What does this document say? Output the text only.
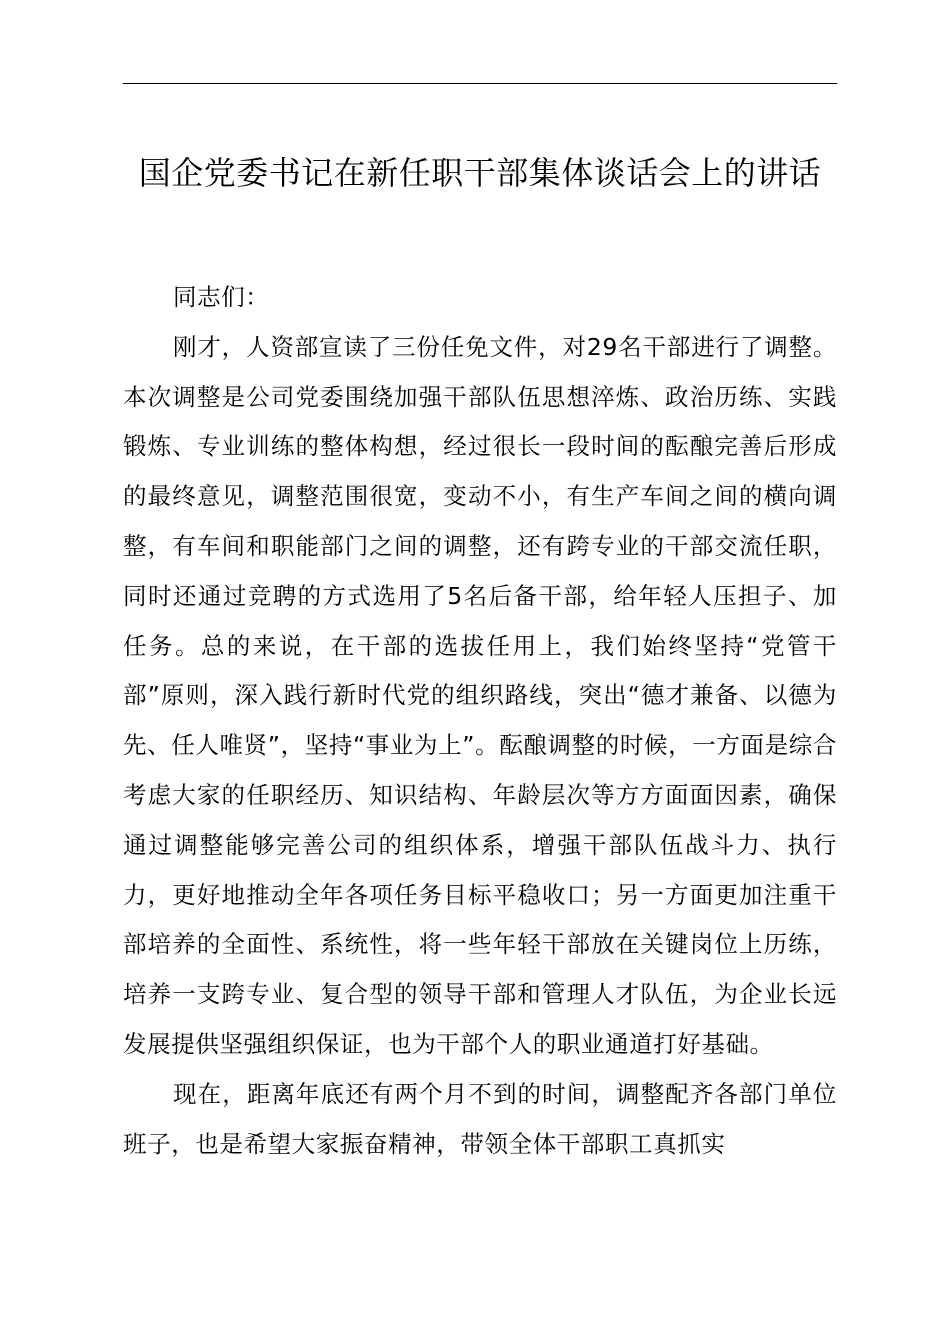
国企党委书记在新任职干部集体谈话会上的讲话

同志们：

刚才，人资部宣读了三份任免文件，对29名干部进行了调整。本次调整是公司党委围绕加强干部队伍思想淬炼、政治历练、实践锻炼、专业训练的整体构想，经过很长一段时间的酝酿完善后形成的最终意见，调整范围很宽，变动不小，有生产车间之间的横向调整，有车间和职能部门之间的调整，还有跨专业的干部交流任职，同时还通过竞聘的方式选用了5名后备干部，给年轻人压担子、加任务。总的来说，在干部的选拔任用上，我们始终坚持“党管干部”原则，深入践行新时代党的组织路线，突出“德才兼备、以德为先、任人唯贤”，坚持“事业为上”。酝酿调整的时候，一方面是综合考虑大家的任职经历、知识结构、年龄层次等方方面面因素，确保通过调整能够完善公司的组织体系，增强干部队伍战斗力、执行力，更好地推动全年各项任务目标平稳收口；另一方面更加注重干部培养的全面性、系统性，将一些年轻干部放在关键岗位上历练，培养一支跨专业、复合型的领导干部和管理人才队伍，为企业长远发展提供坚强组织保证，也为干部个人的职业通道打好基础。

现在，距离年底还有两个月不到的时间，调整配齐各部门单位班子，也是希望大家振奋精神，带领全体干部职工真抓实
